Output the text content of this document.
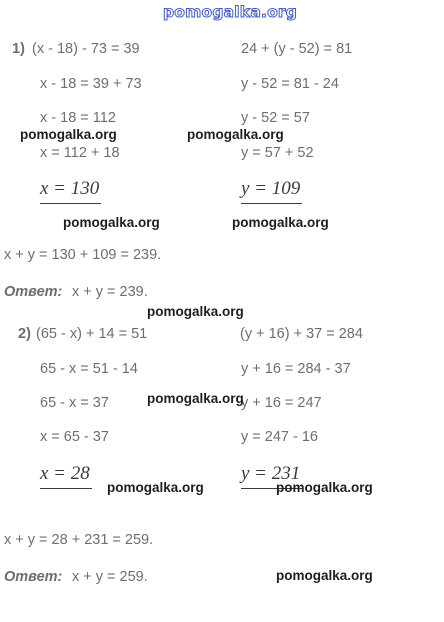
pomogalka.org
1) (x - 18) - 73 = 39
x - 18 = 39 + 73
x - 18 = 112
x = 112 + 18
x = 130
24 + (y - 52) = 81
y - 52 = 81 - 24
y - 52 = 57
y = 57 + 52
y = 109
x + y = 130 + 109 = 239.
Ответ: x + y = 239.
2) (65 - x) + 14 = 51
65 - x = 51 - 14
65 - x = 37
x = 65 - 37
x = 28
(y + 16) + 37 = 284
y + 16 = 284 - 37
y + 16 = 247
y = 247 - 16
y = 231
x + y = 28 + 231 = 259.
Ответ: x + y = 259.
pomogalka.org	pomogalka.org
pomogalka.org	pomogalka.org
pomogalka.org
pomogalka.org
pomogalka.org	pomogalka.org
pomogalka.org
